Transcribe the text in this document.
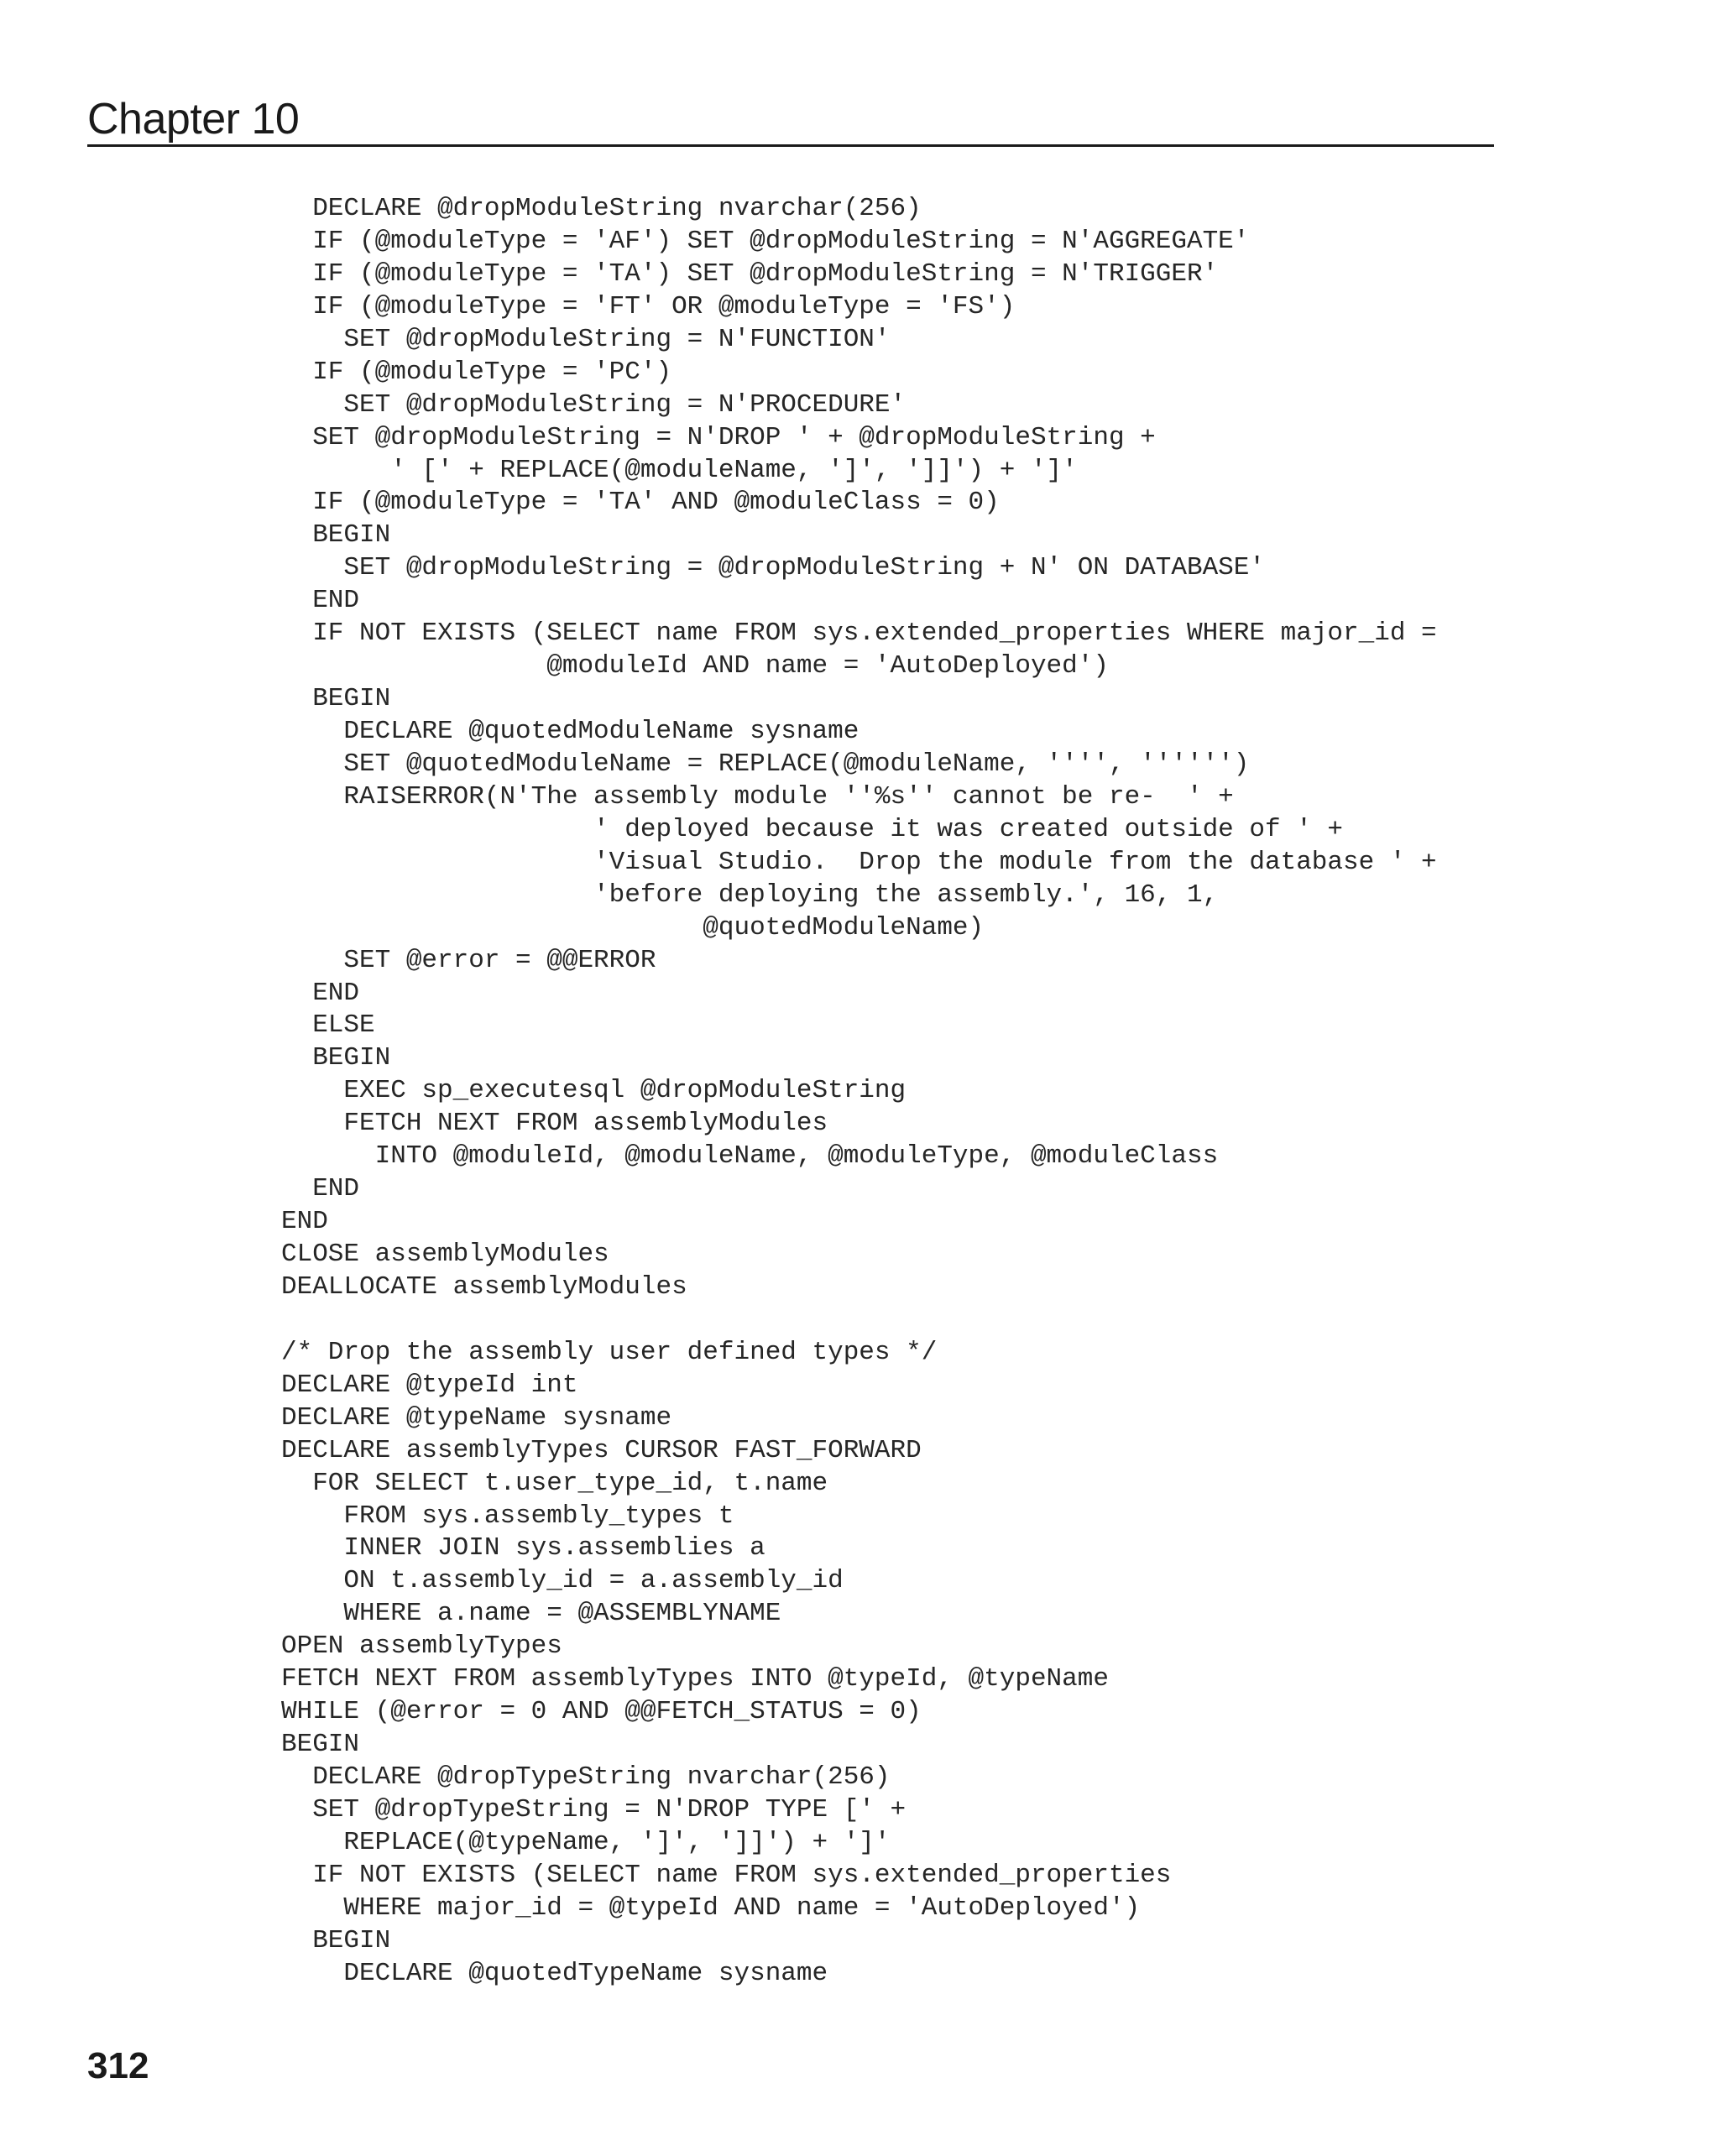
Chapter 10
DECLARE @dropModuleString nvarchar(256)
IF (@moduleType = 'AF') SET @dropModuleString = N'AGGREGATE'
IF (@moduleType = 'TA') SET @dropModuleString = N'TRIGGER'
IF (@moduleType = 'FT' OR @moduleType = 'FS')
SET @dropModuleString = N'FUNCTION'
IF (@moduleType = 'PC')
SET @dropModuleString = N'PROCEDURE'
SET @dropModuleString = N'DROP ' + @dropModuleString +
' [' + REPLACE(@moduleName, ']', ']]') + ']'
IF (@moduleType = 'TA' AND @moduleClass = 0)
BEGIN
SET @dropModuleString = @dropModuleString + N' ON DATABASE'
END
IF NOT EXISTS (SELECT name FROM sys.extended_properties WHERE major_id =
@moduleId AND name = 'AutoDeployed')
BEGIN
DECLARE @quotedModuleName sysname
SET @quotedModuleName = REPLACE(@moduleName, '''', '''''')
RAISERROR(N'The assembly module ''%s'' cannot be re-  ' +
' deployed because it was created outside of ' +
'Visual Studio.  Drop the module from the database ' +
'before deploying the assembly.', 16, 1,
@quotedModuleName)
SET @error = @@ERROR
END
ELSE
BEGIN
EXEC sp_executesql @dropModuleString
FETCH NEXT FROM assemblyModules
INTO @moduleId, @moduleName, @moduleType, @moduleClass
END
END
CLOSE assemblyModules
DEALLOCATE assemblyModules

/* Drop the assembly user defined types */
DECLARE @typeId int
DECLARE @typeName sysname
DECLARE assemblyTypes CURSOR FAST_FORWARD
FOR SELECT t.user_type_id, t.name
FROM sys.assembly_types t
INNER JOIN sys.assemblies a
ON t.assembly_id = a.assembly_id
WHERE a.name = @ASSEMBLYNAME
OPEN assemblyTypes
FETCH NEXT FROM assemblyTypes INTO @typeId, @typeName
WHILE (@error = 0 AND @@FETCH_STATUS = 0)
BEGIN
DECLARE @dropTypeString nvarchar(256)
SET @dropTypeString = N'DROP TYPE [' +
REPLACE(@typeName, ']', ']]') + ']'
IF NOT EXISTS (SELECT name FROM sys.extended_properties
WHERE major_id = @typeId AND name = 'AutoDeployed')
BEGIN
DECLARE @quotedTypeName sysname
312
